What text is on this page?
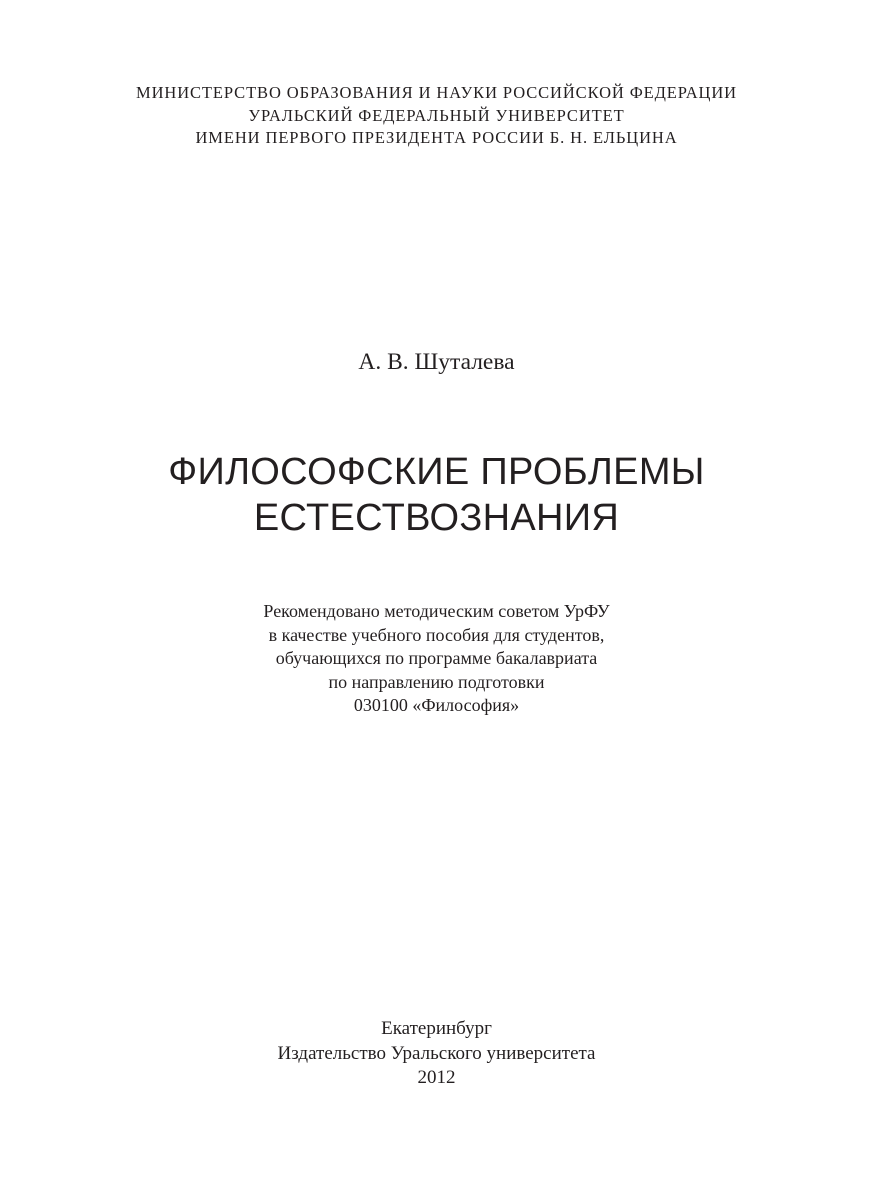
МИНИСТЕРСТВО ОБРАЗОВАНИЯ И НАУКИ РОССИЙСКОЙ ФЕДЕРАЦИИ
УРАЛЬСКИЙ ФЕДЕРАЛЬНЫЙ УНИВЕРСИТЕТ
ИМЕНИ ПЕРВОГО ПРЕЗИДЕНТА РОССИИ Б. Н. ЕЛЬЦИНА
А. В. Шуталева
ФИЛОСОФСКИЕ ПРОБЛЕМЫ
ЕСТЕСТВОЗНАНИЯ
Рекомендовано методическим советом УрФУ
в качестве учебного пособия для студентов,
обучающихся по программе бакалавриата
по направлению подготовки
030100 «Философия»
Екатеринбург
Издательство Уральского университета
2012
